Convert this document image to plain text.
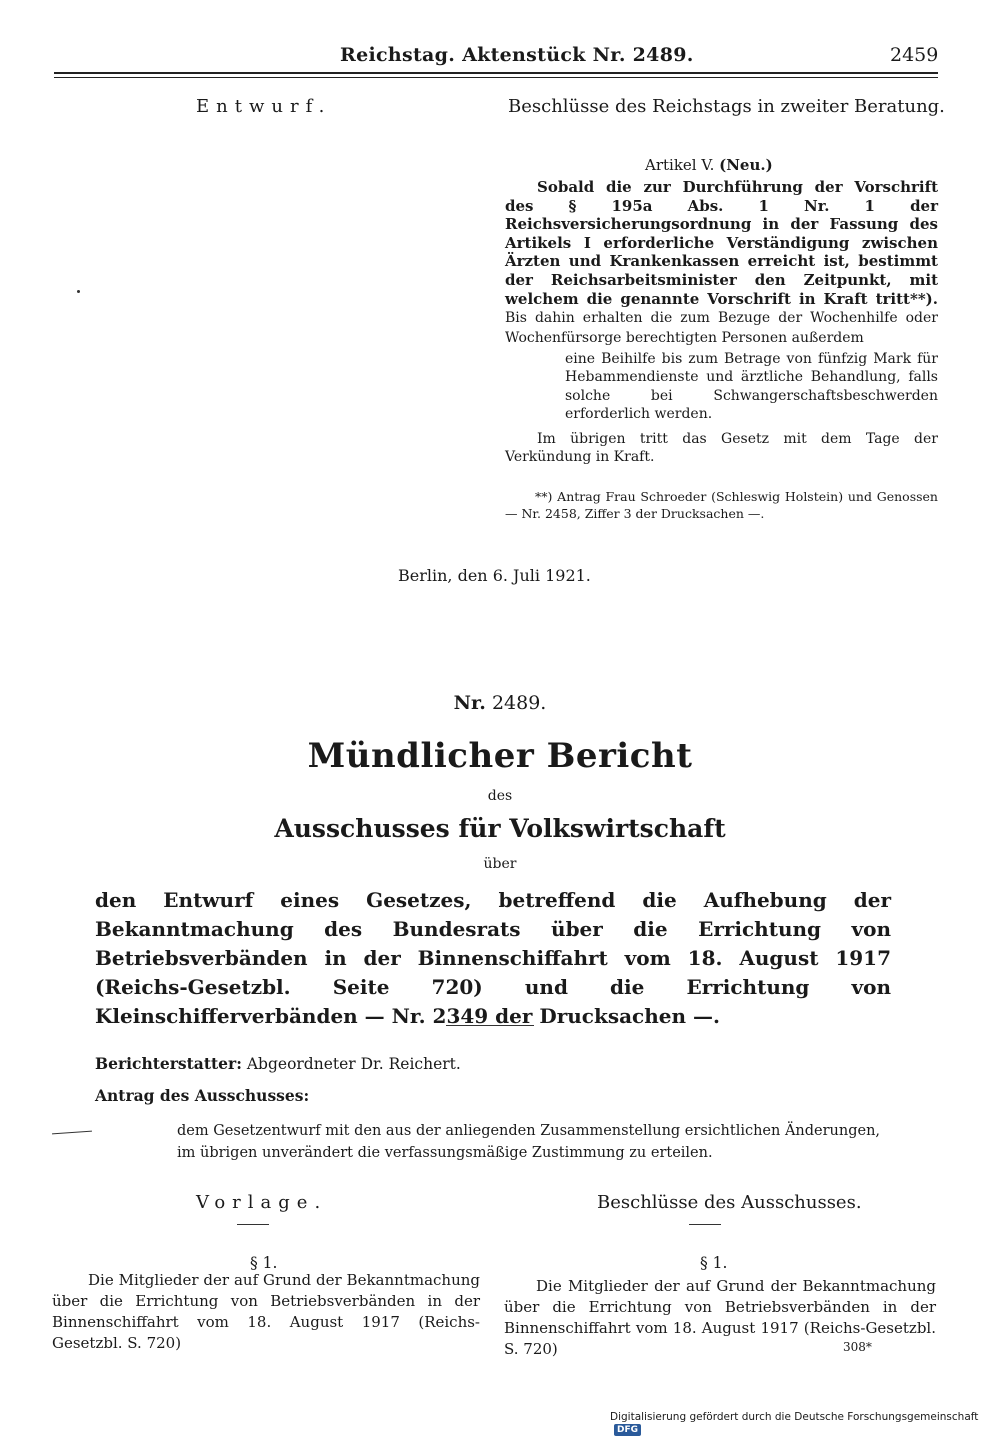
Reichstag. Aktenstück Nr. 2489.	2459
Entwurf.	Beschlüsse des Reichstags in zweiter Beratung.
Artikel V. (Neu.)
Sobald die zur Durchführung der Vorschrift des § 195a Abs. 1 Nr. 1 der Reichsversicherungsordnung in der Fassung des Artikels I erforderliche Verständigung zwischen Ärzten und Krankenkassen erreicht ist, bestimmt der Reichsarbeitsminister den Zeitpunkt, mit welchem die genannte Vorschrift in Kraft tritt**). Bis dahin erhalten die zum Bezuge der Wochenhilfe oder Wochenfürsorge berechtigten Personen außerdem
eine Beihilfe bis zum Betrage von fünfzig Mark für Hebammendienste und ärztliche Behandlung, falls solche bei Schwangerschaftsbeschwerden erforderlich werden.
Im übrigen tritt das Gesetz mit dem Tage der Verkündung in Kraft.
**) Antrag Frau Schroeder (Schleswig Holstein) und Genossen — Nr. 2458, Ziffer 3 der Drucksachen —.
Berlin, den 6. Juli 1921.
Nr. 2489.
Mündlicher Bericht
des
Ausschusses für Volkswirtschaft
über
den Entwurf eines Gesetzes, betreffend die Aufhebung der Bekanntmachung des Bundesrats über die Errichtung von Betriebsverbänden in der Binnenschiffahrt vom 18. August 1917 (Reichs-Gesetzbl. Seite 720) und die Errichtung von Kleinschifferverbänden — Nr. 2349 der Drucksachen —.
Berichterstatter: Abgeordneter Dr. Reichert.
Antrag des Ausschusses:
dem Gesetzentwurf mit den aus der anliegenden Zusammenstellung ersichtlichen Änderungen, im übrigen unverändert die verfassungsmäßige Zustimmung zu erteilen.
Vorlage.	Beschlüsse des Ausschusses.
§ 1.	§ 1.
Die Mitglieder der auf Grund der Bekanntmachung über die Errichtung von Betriebsverbänden in der Binnenschiffahrt vom 18. August 1917 (Reichs-Gesetzbl. S. 720)
Die Mitglieder der auf Grund der Bekanntmachung über die Errichtung von Betriebsverbänden in der Binnenschiffahrt vom 18. August 1917 (Reichs-Gesetzbl. S. 720)	308*
Digitalisierung gefördert durch die Deutsche Forschungsgemeinschaft DFG
